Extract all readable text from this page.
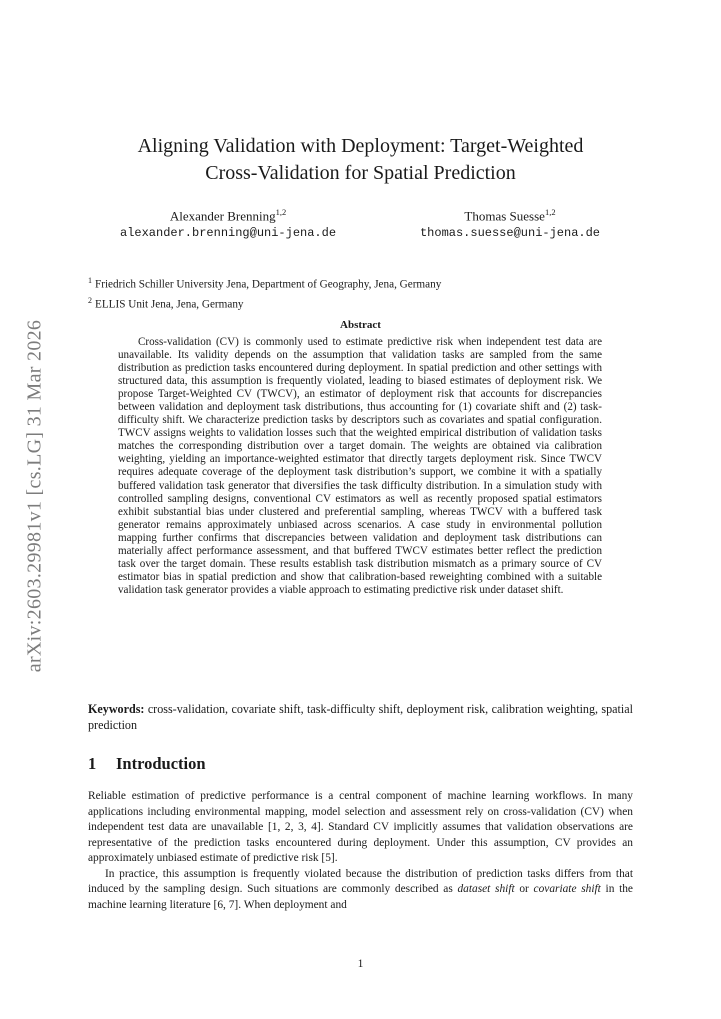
arXiv:2603.29981v1 [cs.LG] 31 Mar 2026
Aligning Validation with Deployment: Target-Weighted
Cross-Validation for Spatial Prediction
Alexander Brenning$^{1,2}$
alexander.brenning@uni-jena.de
Thomas Suesse$^{1,2}$
thomas.suesse@uni-jena.de
$^1$ Friedrich Schiller University Jena, Department of Geography, Jena, Germany
$^2$ ELLIS Unit Jena, Jena, Germany
Abstract

Cross-validation (CV) is commonly used to estimate predictive risk when independent test data are unavailable. Its validity depends on the assumption that validation tasks are sampled from the same distribution as prediction tasks encountered during deployment. In spatial prediction and other settings with structured data, this assumption is frequently violated, leading to biased estimates of deployment risk. We propose Target-Weighted CV (TWCV), an estimator of deployment risk that accounts for discrepancies between validation and deployment task distributions, thus accounting for (1) covariate shift and (2) task-difficulty shift. We characterize prediction tasks by descriptors such as covariates and spatial configuration. TWCV assigns weights to validation losses such that the weighted empirical distribution of validation tasks matches the corresponding distribution over a target domain. The weights are obtained via calibration weighting, yielding an importance-weighted estimator that directly targets deployment risk. Since TWCV requires adequate coverage of the deployment task distribution’s support, we combine it with a spatially buffered validation task generator that diversifies the task difficulty distribution. In a simulation study with controlled sampling designs, conventional CV estimators as well as recently proposed spatial estimators exhibit substantial bias under clustered and preferential sampling, whereas TWCV with a buffered task generator remains approximately unbiased across scenarios. A case study in environmental pollution mapping further confirms that discrepancies between validation and deployment task distributions can materially affect performance assessment, and that buffered TWCV estimates better reflect the prediction task over the target domain. These results establish task distribution mismatch as a primary source of CV estimator bias in spatial prediction and show that calibration-based reweighting combined with a suitable validation task generator provides a viable approach to estimating predictive risk under dataset shift.

Keywords: cross-validation, covariate shift, task-difficulty shift, deployment risk, calibration weighting, spatial prediction

1 Introduction

Reliable estimation of predictive performance is a central component of machine learning workflows. In many applications including environmental mapping, model selection and assessment rely on cross-validation (CV) when independent test data are unavailable [1, 2, 3, 4]. Standard CV implicitly assumes that validation observations are representative of the prediction tasks encountered during deployment. Under this assumption, CV provides an approximately unbiased estimate of predictive risk [5].

In practice, this assumption is frequently violated because the distribution of prediction tasks differs from that induced by the sampling design. Such situations are commonly described as dataset shift or covariate shift in the machine learning literature [6, 7]. When deployment and

1
